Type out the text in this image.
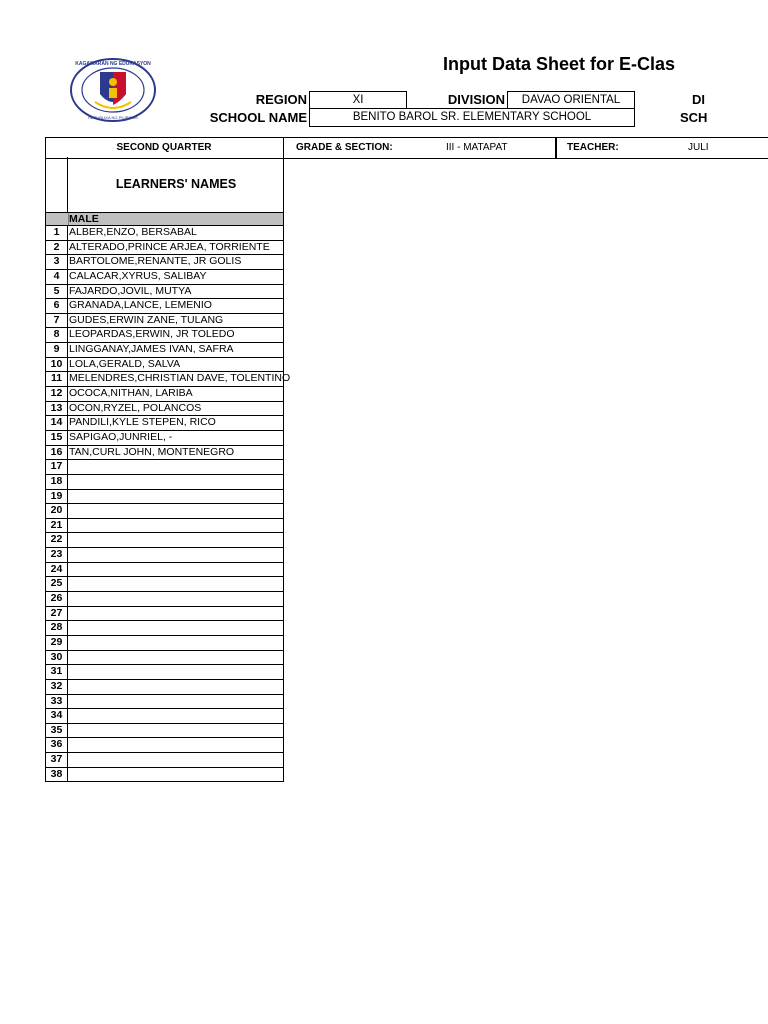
KAGAWARAN NG EDUKASYON
REPUBLIKA NG PILIPINAS
Input Data Sheet for E-Clas
REGION	XI	DIVISION	DAVAO ORIENTAL	DI
SCHOOL NAME	BENITO BAROL SR. ELEMENTARY SCHOOL	SCH
SECOND QUARTER	GRADE & SECTION:	III - MATAPAT	TEACHER:	JULI
LEARNERS' NAMES
MALE
1 ALBER,ENZO, BERSABAL
2 ALTERADO,PRINCE ARJEA, TORRIENTE
3 BARTOLOME,RENANTE, JR GOLIS
4 CALACAR,XYRUS, SALIBAY
5 FAJARDO,JOVIL, MUTYA
6 GRANADA,LANCE, LEMENIO
7 GUDES,ERWIN ZANE, TULANG
8 LEOPARDAS,ERWIN, JR TOLEDO
9 LINGGANAY,JAMES IVAN, SAFRA
10 LOLA,GERALD, SALVA
11 MELENDRES,CHRISTIAN DAVE, TOLENTINO
12 OCOCA,NITHAN, LARIBA
13 OCON,RYZEL, POLANCOS
14 PANDILI,KYLE STEPEN, RICO
15 SAPIGAO,JUNRIEL, -
16 TAN,CURL JOHN, MONTENEGRO
17
18
19
20
21
22
23
24
25
26
27
28
29
30
31
32
33
34
35
36
37
38
